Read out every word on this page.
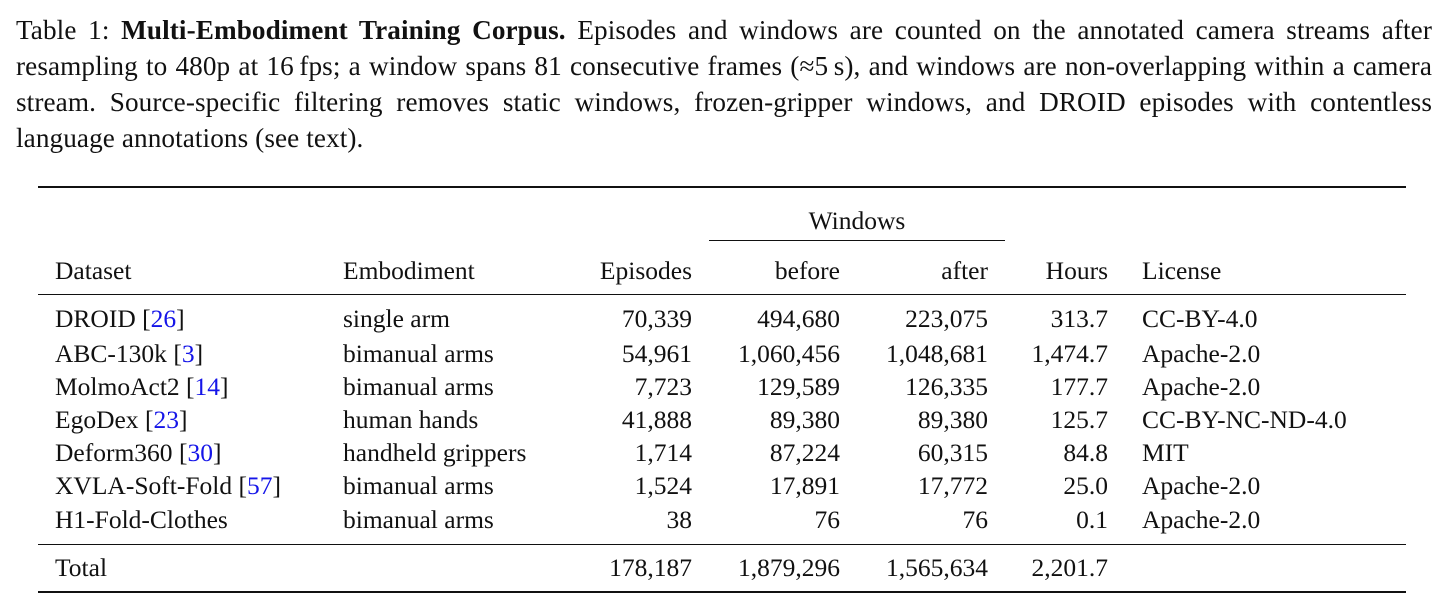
Table 1: Multi-Embodiment Training Corpus. Episodes and windows are counted on the annotated camera streams after resampling to 480p at 16 fps; a window spans 81 consecutive frames (≈5 s), and windows are non-overlapping within a camera stream. Source-specific filtering removes static windows, frozen-gripper windows, and DROID episodes with contentless language annotations (see text).

			Windows	

Dataset	Embodiment	Episodes	before	after	Hours	License
DROID [26]	single arm	70,339	494,680	223,075	313.7	CC-BY-4.0
ABC-130k [3]	bimanual arms	54,961	1,060,456	1,048,681	1,474.7	Apache-2.0
MolmoAct2 [14]	bimanual arms	7,723	129,589	126,335	177.7	Apache-2.0
EgoDex [23]	human hands	41,888	89,380	89,380	125.7	CC-BY-NC-ND-4.0
Deform360 [30]	handheld grippers	1,714	87,224	60,315	84.8	MIT
XVLA-Soft-Fold [57]	bimanual arms	1,524	17,891	17,772	25.0	Apache-2.0
H1-Fold-Clothes	bimanual arms	38	76	76	0.1	Apache-2.0
Total		178,187	1,879,296	1,565,634	2,201.7	
